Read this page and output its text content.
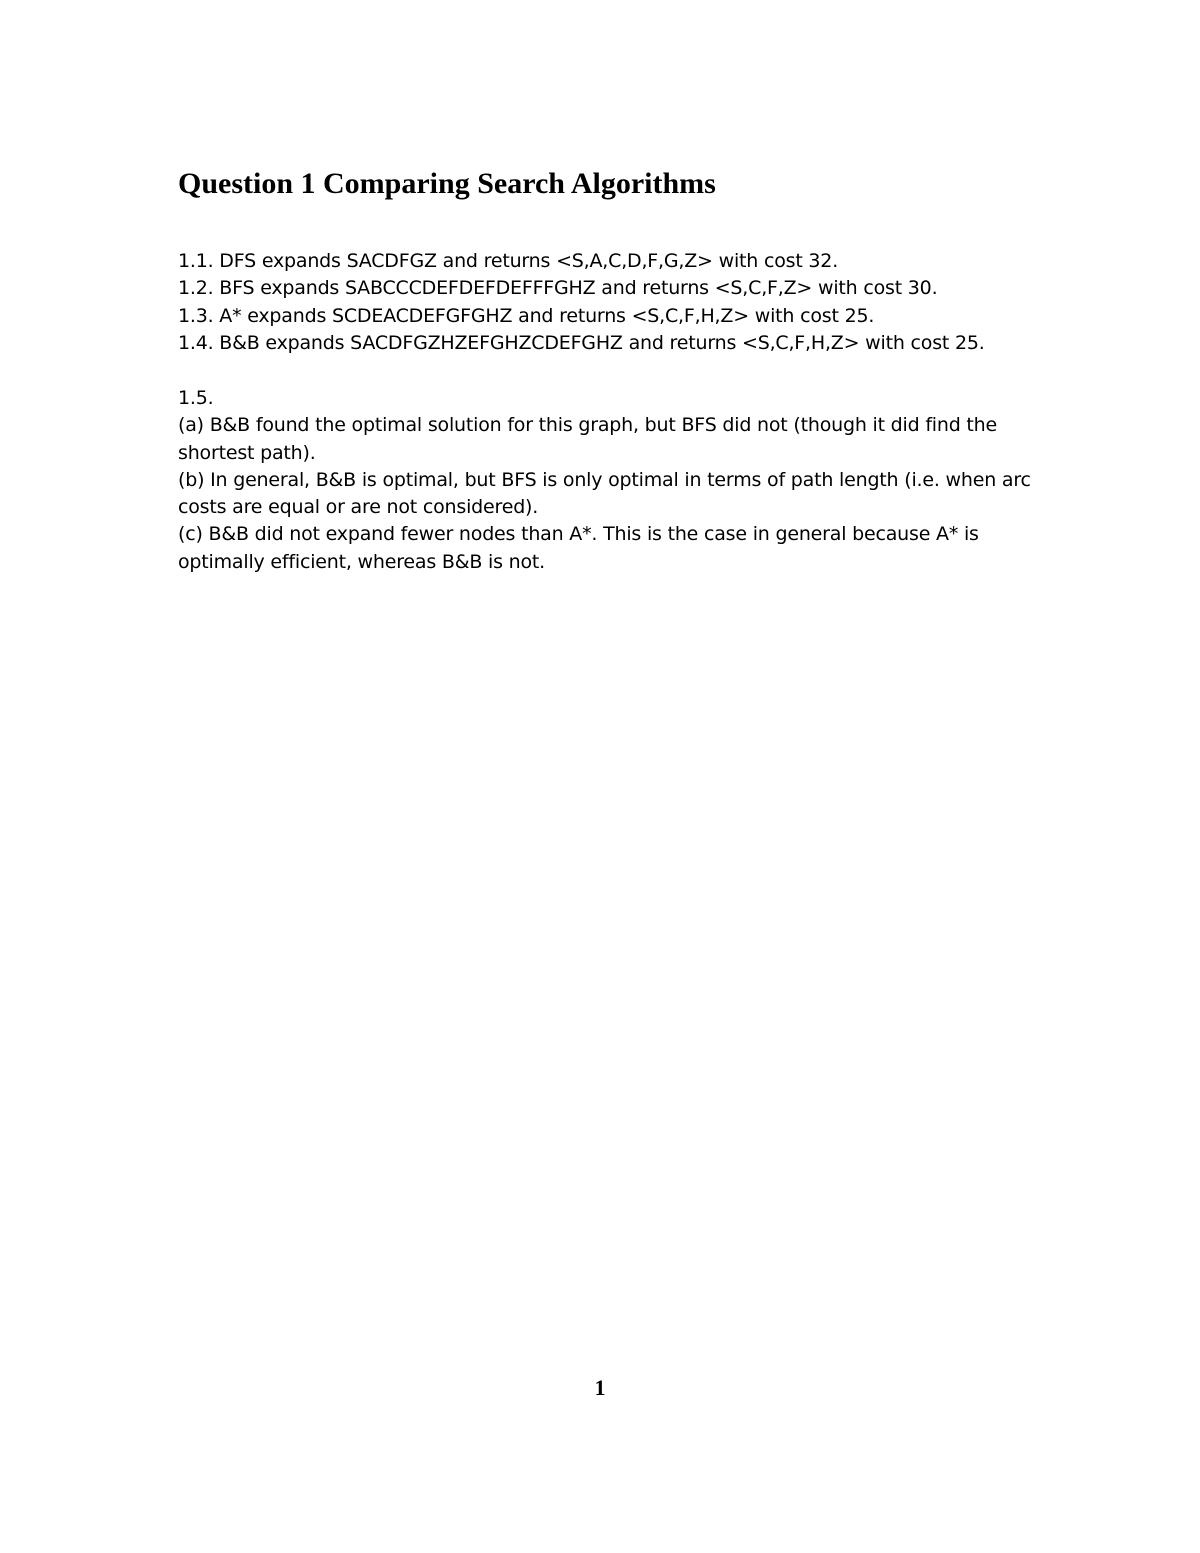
Question 1 Comparing Search Algorithms
1.1. DFS expands SACDFGZ and returns <S,A,C,D,F,G,Z> with cost 32.
1.2. BFS expands SABCCCDEFDEFDEFFFGHZ and returns <S,C,F,Z> with cost 30.
1.3. A* expands SCDEACDEFGFGHZ and returns <S,C,F,H,Z> with cost 25.
1.4. B&B expands SACDFGZHZEFGHZCDEFGHZ and returns <S,C,F,H,Z> with cost 25.
1.5.
(a) B&B found the optimal solution for this graph, but BFS did not (though it did find the shortest path).
(b) In general, B&B is optimal, but BFS is only optimal in terms of path length (i.e. when arc costs are equal or are not considered).
(c) B&B did not expand fewer nodes than A*. This is the case in general because A* is optimally efficient, whereas B&B is not.
1
